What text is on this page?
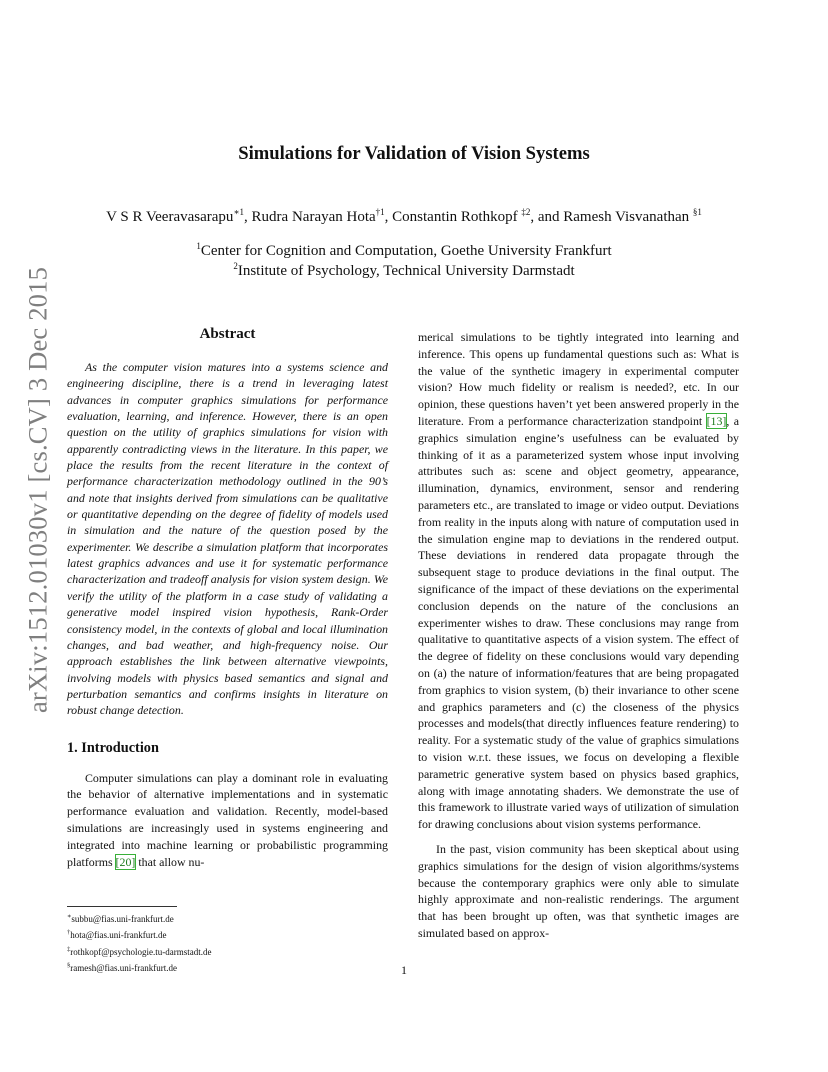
arXiv:1512.01030v1 [cs.CV] 3 Dec 2015
Simulations for Validation of Vision Systems
V S R Veeravasarapu$^{∗1}$, Rudra Narayan Hota$^{\dagger 1}$, Constantin Rothkopf $^{\ddagger 2}$, and Ramesh Visvanathan $^{\S 1}$
$^1$Center for Cognition and Computation, Goethe University Frankfurt
$^2$Institute of Psychology, Technical University Darmstadt
Abstract

As the computer vision matures into a systems science and engineering discipline, there is a trend in leveraging latest advances in computer graphics simulations for performance evaluation, learning, and inference. However, there is an open question on the utility of graphics simulations for vision with apparently contradicting views in the literature. In this paper, we place the results from the recent literature in the context of performance characterization methodology outlined in the 90’s and note that insights derived from simulations can be qualitative or quantitative depending on the degree of fidelity of models used in simulation and the nature of the question posed by the experimenter. We describe a simulation platform that incorporates latest graphics advances and use it for systematic performance characterization and tradeoff analysis for vision system design. We verify the utility of the platform in a case study of validating a generative model inspired vision hypothesis, Rank-Order consistency model, in the contexts of global and local illumination changes, and bad weather, and high-frequency noise. Our approach establishes the link between alternative viewpoints, involving models with physics based semantics and signal and perturbation semantics and confirms insights in literature on robust change detection.

1. Introduction

Computer simulations can play a dominant role in evaluating the behavior of alternative implementations and in systematic performance evaluation and validation. Recently, model-based simulations are increasingly used in systems engineering and integrated into machine learning or probabilistic programming platforms [20] that allow nu-

∗subbu@fias.uni-frankfurt.de
†hota@fias.uni-frankfurt.de
‡rothkopf@psychologie.tu-darmstadt.de
§ramesh@fias.uni-frankfurt.de

merical simulations to be tightly integrated into learning and inference. This opens up fundamental questions such as: What is the value of the synthetic imagery in experimental computer vision? How much fidelity or realism is needed?, etc. In our opinion, these questions haven’t yet been answered properly in the literature. From a performance characterization standpoint [13], a graphics simulation engine’s usefulness can be evaluated by thinking of it as a parameterized system whose input involving attributes such as: scene and object geometry, appearance, illumination, dynamics, environment, sensor and rendering parameters etc., are translated to image or video output. Deviations from reality in the inputs along with nature of computation used in the simulation engine map to deviations in the rendered output. These deviations in rendered data propagate through the subsequent stage to produce deviations in the final output. The significance of the impact of these deviations on the experimental conclusion depends on the nature of the conclusions an experimenter wishes to draw. These conclusions may range from qualitative to quantitative aspects of a vision system. The effect of the degree of fidelity on these conclusions would vary depending on (a) the nature of information/features that are being propagated from graphics to vision system, (b) their invariance to other scene and graphics parameters and (c) the closeness of the physics processes and models(that directly influences feature rendering) to reality. For a systematic study of the value of graphics simulations to vision w.r.t. these issues, we focus on developing a flexible parametric generative system based on physics based graphics, along with image annotating shaders. We demonstrate the use of this framework to illustrate varied ways of utilization of simulation for drawing conclusions about vision systems performance.

In the past, vision community has been skeptical about using graphics simulations for the design of vision algorithms/systems because the contemporary graphics were only able to simulate highly approximate and non-realistic renderings. The argument that has been brought up often, was that synthetic images are simulated based on approx-

1
